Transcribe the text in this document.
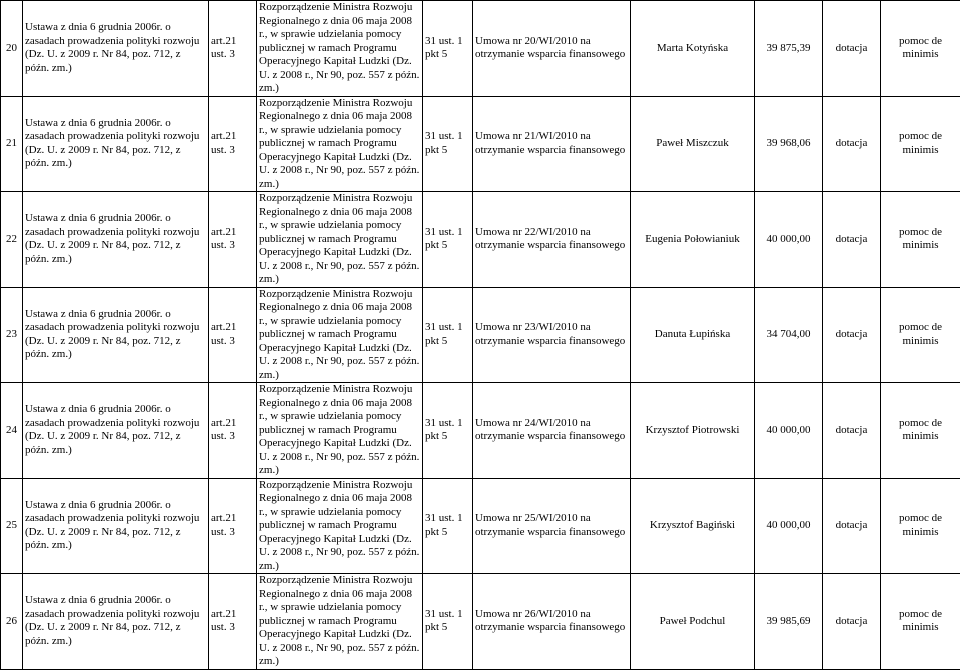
20	Ustawa z dnia 6 grudnia 2006r. o zasadach prowadzenia polityki rozwoju (Dz. U. z 2009 r. Nr 84, poz. 712, z późn. zm.)	art.21 ust. 3	Rozporządzenie Ministra Rozwoju Regionalnego z dnia 06 maja 2008 r., w sprawie udzielania pomocy publicznej w ramach Programu Operacyjnego Kapitał Ludzki (Dz. U. z 2008 r., Nr 90, poz. 557 z późn. zm.)	31 ust. 1 pkt 5	Umowa nr 20/WI/2010 na otrzymanie wsparcia finansowego	Marta Kotyńska	39 875,39	dotacja	pomoc de minimis
21	Ustawa z dnia 6 grudnia 2006r. o zasadach prowadzenia polityki rozwoju (Dz. U. z 2009 r. Nr 84, poz. 712, z późn. zm.)	art.21 ust. 3	Rozporządzenie Ministra Rozwoju Regionalnego z dnia 06 maja 2008 r., w sprawie udzielania pomocy publicznej w ramach Programu Operacyjnego Kapitał Ludzki (Dz. U. z 2008 r., Nr 90, poz. 557 z późn. zm.)	31 ust. 1 pkt 5	Umowa nr 21/WI/2010 na otrzymanie wsparcia finansowego	Paweł Miszczuk	39 968,06	dotacja	pomoc de minimis
22	Ustawa z dnia 6 grudnia 2006r. o zasadach prowadzenia polityki rozwoju (Dz. U. z 2009 r. Nr 84, poz. 712, z późn. zm.)	art.21 ust. 3	Rozporządzenie Ministra Rozwoju Regionalnego z dnia 06 maja 2008 r., w sprawie udzielania pomocy publicznej w ramach Programu Operacyjnego Kapitał Ludzki (Dz. U. z 2008 r., Nr 90, poz. 557 z późn. zm.)	31 ust. 1 pkt 5	Umowa nr 22/WI/2010 na otrzymanie wsparcia finansowego	Eugenia Połowianiuk	40 000,00	dotacja	pomoc de minimis
23	Ustawa z dnia 6 grudnia 2006r. o zasadach prowadzenia polityki rozwoju (Dz. U. z 2009 r. Nr 84, poz. 712, z późn. zm.)	art.21 ust. 3	Rozporządzenie Ministra Rozwoju Regionalnego z dnia 06 maja 2008 r., w sprawie udzielania pomocy publicznej w ramach Programu Operacyjnego Kapitał Ludzki (Dz. U. z 2008 r., Nr 90, poz. 557 z późn. zm.)	31 ust. 1 pkt 5	Umowa nr 23/WI/2010 na otrzymanie wsparcia finansowego	Danuta Łupińska	34 704,00	dotacja	pomoc de minimis
24	Ustawa z dnia 6 grudnia 2006r. o zasadach prowadzenia polityki rozwoju (Dz. U. z 2009 r. Nr 84, poz. 712, z późn. zm.)	art.21 ust. 3	Rozporządzenie Ministra Rozwoju Regionalnego z dnia 06 maja 2008 r., w sprawie udzielania pomocy publicznej w ramach Programu Operacyjnego Kapitał Ludzki (Dz. U. z 2008 r., Nr 90, poz. 557 z późn. zm.)	31 ust. 1 pkt 5	Umowa nr 24/WI/2010 na otrzymanie wsparcia finansowego	Krzysztof Piotrowski	40 000,00	dotacja	pomoc de minimis
25	Ustawa z dnia 6 grudnia 2006r. o zasadach prowadzenia polityki rozwoju (Dz. U. z 2009 r. Nr 84, poz. 712, z późn. zm.)	art.21 ust. 3	Rozporządzenie Ministra Rozwoju Regionalnego z dnia 06 maja 2008 r., w sprawie udzielania pomocy publicznej w ramach Programu Operacyjnego Kapitał Ludzki (Dz. U. z 2008 r., Nr 90, poz. 557 z późn. zm.)	31 ust. 1 pkt 5	Umowa nr 25/WI/2010 na otrzymanie wsparcia finansowego	Krzysztof Bagiński	40 000,00	dotacja	pomoc de minimis
26	Ustawa z dnia 6 grudnia 2006r. o zasadach prowadzenia polityki rozwoju (Dz. U. z 2009 r. Nr 84, poz. 712, z późn. zm.)	art.21 ust. 3	Rozporządzenie Ministra Rozwoju Regionalnego z dnia 06 maja 2008 r., w sprawie udzielania pomocy publicznej w ramach Programu Operacyjnego Kapitał Ludzki (Dz. U. z 2008 r., Nr 90, poz. 557 z późn. zm.)	31 ust. 1 pkt 5	Umowa nr 26/WI/2010 na otrzymanie wsparcia finansowego	Paweł Podchul	39 985,69	dotacja	pomoc de minimis
